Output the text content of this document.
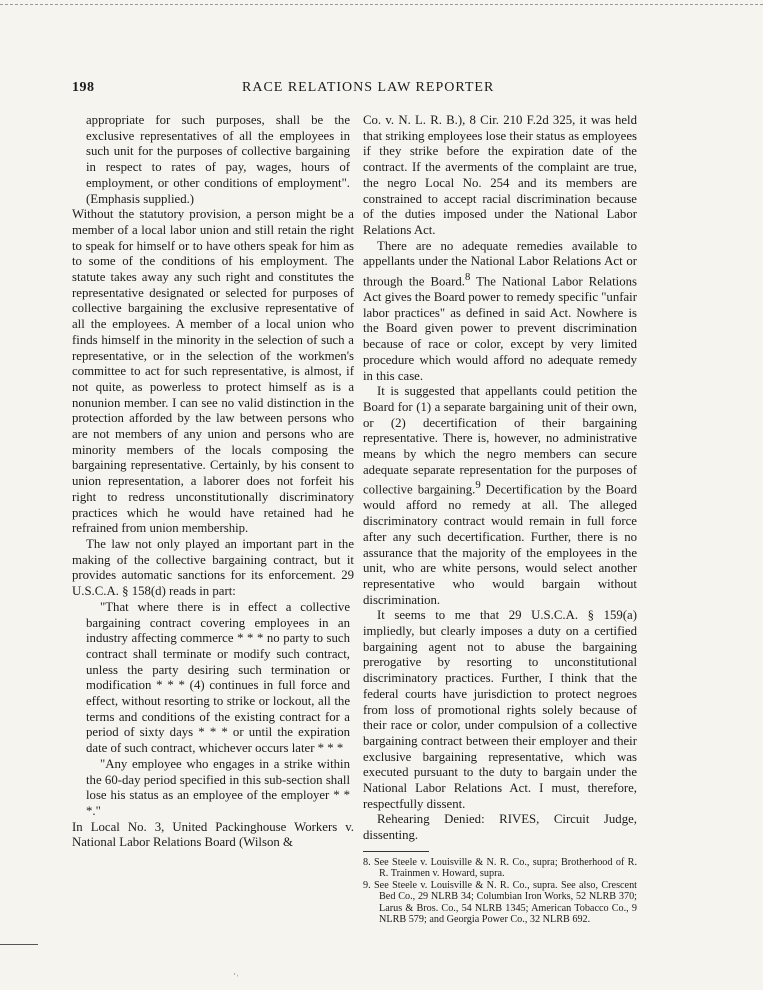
198	RACE RELATIONS LAW REPORTER

appropriate for such purposes, shall be the exclusive representatives of all the employees in such unit for the purposes of collective bargaining in respect to rates of pay, wages, hours of employment, or other conditions of employment". (Emphasis supplied.)

Without the statutory provision, a person might be a member of a local labor union and still retain the right to speak for himself or to have others speak for him as to some of the conditions of his employment. The statute takes away any such right and constitutes the representative designated or selected for purposes of collective bargaining the exclusive representative of all the employees. A member of a local union who finds himself in the minority in the selection of such a representative, or in the selection of the workmen's committee to act for such representative, is almost, if not quite, as powerless to protect himself as is a nonunion member. I can see no valid distinction in the protection afforded by the law between persons who are not members of any union and persons who are minority members of the locals composing the bargaining representative. Certainly, by his consent to union representation, a laborer does not forfeit his right to redress unconstitutionally discriminatory practices which he would have retained had he refrained from union membership.

The law not only played an important part in the making of the collective bargaining contract, but it provides automatic sanctions for its enforcement. 29 U.S.C.A. § 158(d) reads in part:

"That where there is in effect a collective bargaining contract covering employees in an industry affecting commerce * * * no party to such contract shall terminate or modify such contract, unless the party desiring such termination or modification * * * (4) continues in full force and effect, without resorting to strike or lockout, all the terms and conditions of the existing contract for a period of sixty days * * * or until the expiration date of such contract, whichever occurs later * * *

"Any employee who engages in a strike within the 60-day period specified in this sub-section shall lose his status as an employee of the employer * * *."

In Local No. 3, United Packinghouse Workers v. National Labor Relations Board (Wilson &

Co. v. N. L. R. B.), 8 Cir. 210 F.2d 325, it was held that striking employees lose their status as employees if they strike before the expiration date of the contract. If the averments of the complaint are true, the negro Local No. 254 and its members are constrained to accept racial discrimination because of the duties imposed under the National Labor Relations Act.

There are no adequate remedies available to appellants under the National Labor Relations Act or through the Board.$^8$ The National Labor Relations Act gives the Board power to remedy specific "unfair labor practices" as defined in said Act. Nowhere is the Board given power to prevent discrimination because of race or color, except by very limited procedure which would afford no adequate remedy in this case.

It is suggested that appellants could petition the Board for (1) a separate bargaining unit of their own, or (2) decertification of their bargaining representative. There is, however, no administrative means by which the negro members can secure adequate separate representation for the purposes of collective bargaining.$^9$ Decertification by the Board would afford no remedy at all. The alleged discriminatory contract would remain in full force after any such decertification. Further, there is no assurance that the majority of the employees in the unit, who are white persons, would select another representative who would bargain without discrimination.

It seems to me that 29 U.S.C.A. § 159(a) impliedly, but clearly imposes a duty on a certified bargaining agent not to abuse the bargaining prerogative by resorting to unconstitutional discriminatory practices. Further, I think that the federal courts have jurisdiction to protect negroes from loss of promotional rights solely because of their race or color, under compulsion of a collective bargaining contract between their employer and their exclusive bargaining representative, which was executed pursuant to the duty to bargain under the National Labor Relations Act. I must, therefore, respectfully dissent.

Rehearing Denied: RIVES, Circuit Judge, dissenting.

8. See Steele v. Louisville & N. R. Co., supra; Brotherhood of R. R. Trainmen v. Howard, supra.

9. See Steele v. Louisville & N. R. Co., supra. See also, Crescent Bed Co., 29 NLRB 34; Columbian Iron Works, 52 NLRB 370; Larus & Bros. Co., 54 NLRB 1345; American Tobacco Co., 9 NLRB 579; and Georgia Power Co., 32 NLRB 692.

·˒
